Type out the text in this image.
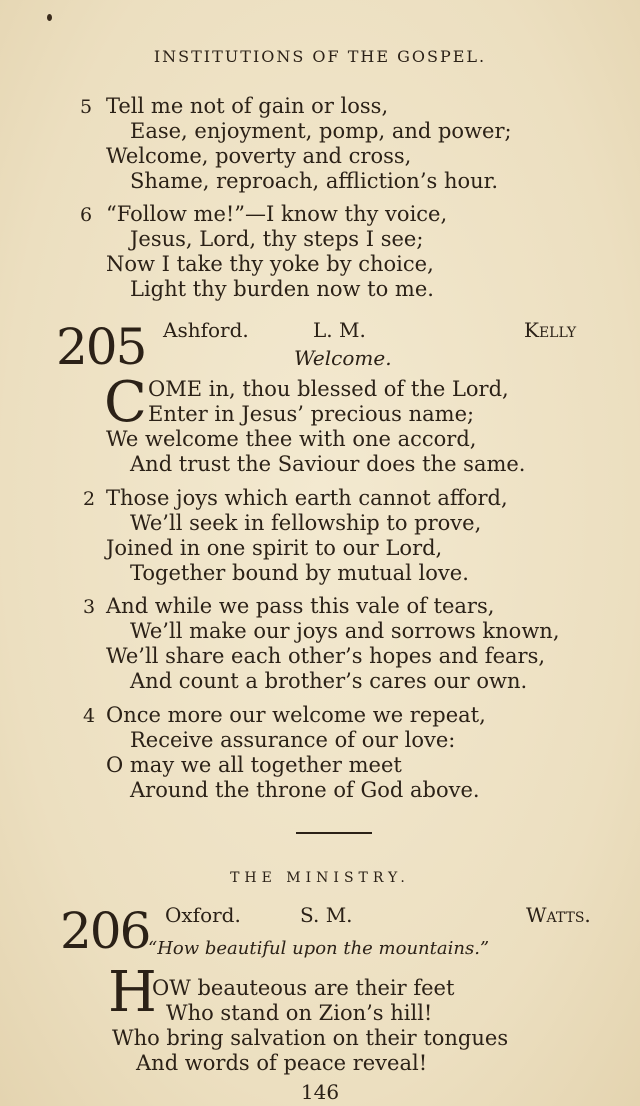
INSTITUTIONS OF THE GOSPEL.
5 Tell me not of gain or loss,
Ease, enjoyment, pomp, and power;
Welcome, poverty and cross,
Shame, reproach, affliction’s hour.
6 “Follow me!”—I know thy voice,
Jesus, Lord, thy steps I see;
Now I take thy yoke by choice,
Light thy burden now to me.
205 Ashford.	L. M.	Kelly
Welcome.
C OME in, thou blessed of the Lord,
Enter in Jesus’ precious name;
We welcome thee with one accord,
And trust the Saviour does the same.
2 Those joys which earth cannot afford,
We’ll seek in fellowship to prove,
Joined in one spirit to our Lord,
Together bound by mutual love.
3 And while we pass this vale of tears,
We’ll make our joys and sorrows known,
We’ll share each other’s hopes and fears,
And count a brother’s cares our own.
4 Once more our welcome we repeat,
Receive assurance of our love:
O may we all together meet
Around the throne of God above.
THE MINISTRY.
206 Oxford.	S. M.	Watts.
“How beautiful upon the mountains.”
H
OW beauteous are their feet
Who stand on Zion’s hill!
Who bring salvation on their tongues
And words of peace reveal!
146
